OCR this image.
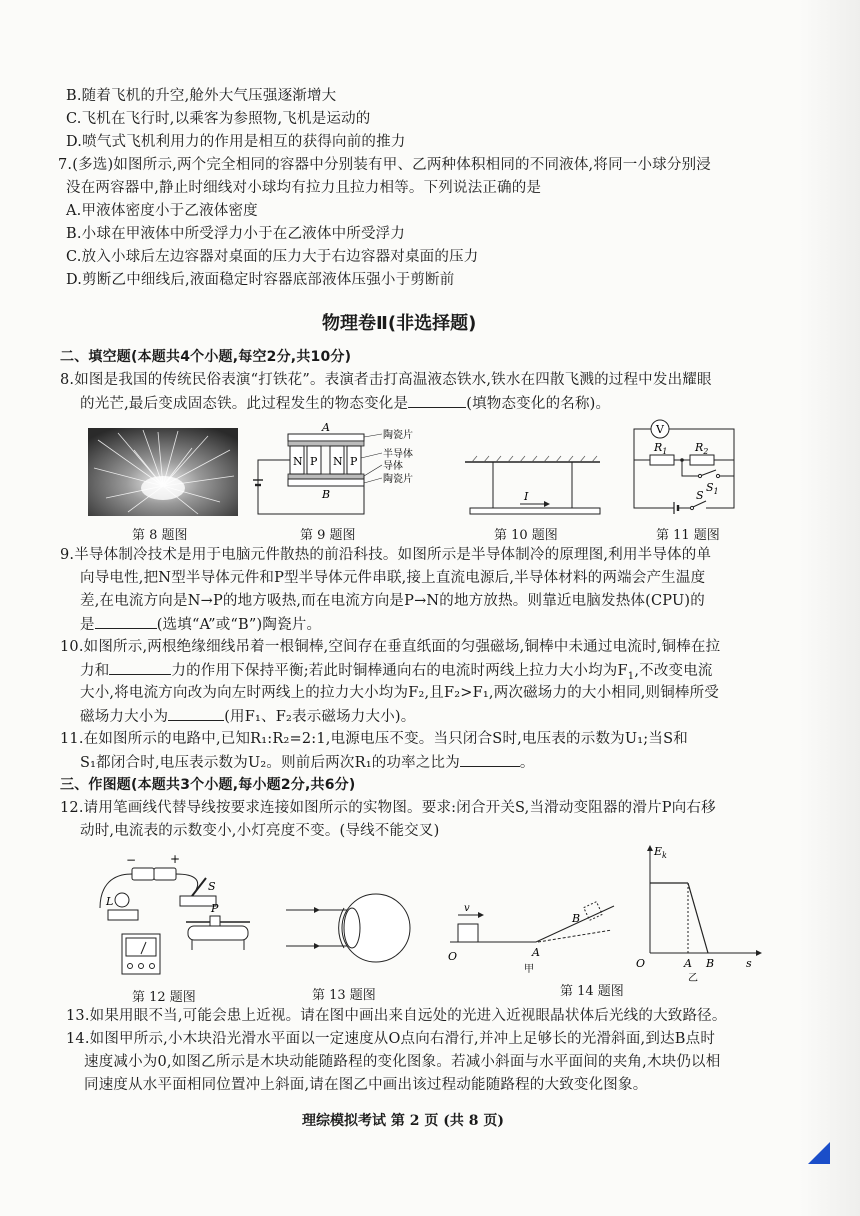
B.随着飞机的升空,舱外大气压强逐渐增大
C.飞机在飞行时,以乘客为参照物,飞机是运动的
D.喷气式飞机利用力的作用是相互的获得向前的推力
7.(多选)如图所示,两个完全相同的容器中分别装有甲、乙两种体积相同的不同液体,将同一小球分别浸
没在两容器中,静止时细线对小球均有拉力且拉力相等。下列说法正确的是
A.甲液体密度小于乙液体密度
B.小球在甲液体中所受浮力小于在乙液体中所受浮力
C.放入小球后左边容器对桌面的压力大于右边容器对桌面的压力
D.剪断乙中细线后,液面稳定时容器底部液体压强小于剪断前
物理卷Ⅱ(非选择题)
二、填空题(本题共4个小题,每空2分,共10分)
8.如图是我国的传统民俗表演“打铁花”。表演者击打高温液态铁水,铁水在四散飞溅的过程中发出耀眼
的光芒,最后变成固态铁。此过程发生的物态变化是	(填物态变化的名称)。
N P N P
A
B
陶瓷片
半导体
导体
陶瓷片
I
V
$R_1$	$R_2$
$S_1$
S
第 8 题图	第 9 题图	第 10 题图	第 11 题图
9.半导体制冷技术是用于电脑元件散热的前沿科技。如图所示是半导体制冷的原理图,利用半导体的单
向导电性,把N型半导体元件和P型半导体元件串联,接上直流电源后,半导体材料的两端会产生温度
差,在电流方向是N→P的地方吸热,而在电流方向是P→N的地方放热。则靠近电脑发热体(CPU)的
是	(选填“A”或“B”)陶瓷片。
10.如图所示,两根绝缘细线吊着一根铜棒,空间存在垂直纸面的匀强磁场,铜棒中未通过电流时,铜棒在拉
力和	力的作用下保持平衡;若此时铜棒通向右的电流时两线上拉力大小均为$F_1$,不改变电流
大小,将电流方向改为向左时两线上的拉力大小均为F₂,且F₂>F₁,两次磁场力的大小相同,则铜棒所受
磁场力大小为	(用F₁、F₂表示磁场力大小)。
11.在如图所示的电路中,已知R₁:R₂=2:1,电源电压不变。当只闭合S时,电压表的示数为U₁;当S和
S₁都闭合时,电压表示数为U₂。则前后两次R₁的功率之比为	。
三、作图题(本题共3个小题,每小题2分,共6分)
12.请用笔画线代替导线按要求连接如图所示的实物图。要求:闭合开关S,当滑动变阻器的滑片P向右移
动时,电流表的示数变小,小灯亮度不变。(导线不能交叉)
−	+
L
S
P	v
O	A
B
甲
$E_k$
O	A B	s
乙
第 12 题图	第 13 题图	第 14 题图
13.如果用眼不当,可能会患上近视。请在图中画出来自远处的光进入近视眼晶状体后光线的大致路径。
14.如图甲所示,小木块沿光滑水平面以一定速度从O点向右滑行,并冲上足够长的光滑斜面,到达B点时
速度减小为0,如图乙所示是木块动能随路程的变化图象。若减小斜面与水平面间的夹角,木块仍以相
同速度从水平面相同位置冲上斜面,请在图乙中画出该过程动能随路程的大致变化图象。
理综模拟考试 第 2 页 (共 8 页)
